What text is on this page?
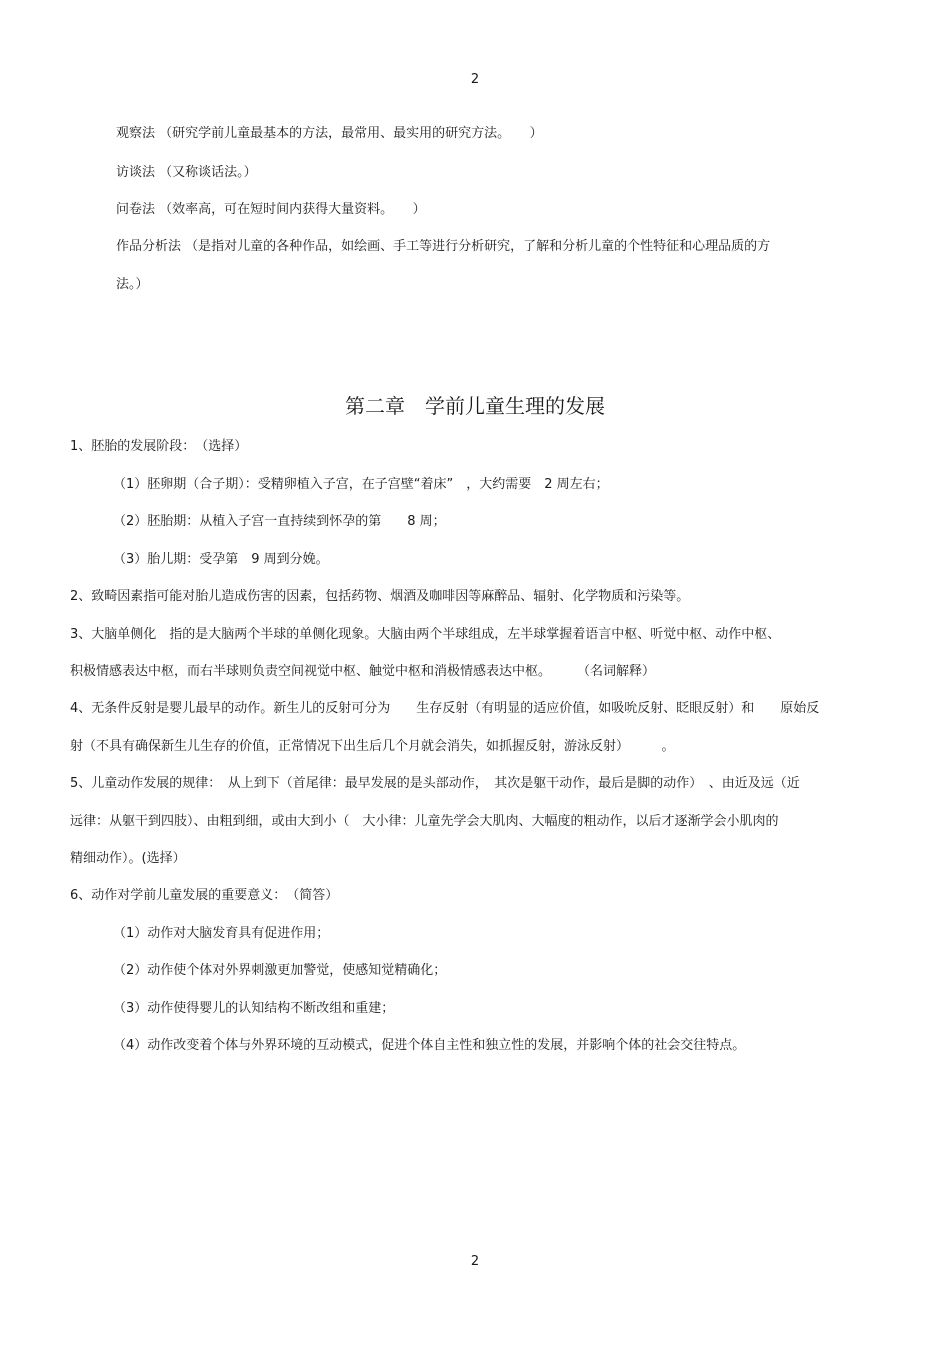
2
观察法 （研究学前儿童最基本的方法，最常用、最实用的研究方法。　　）
访谈法 （又称谈话法。）
问卷法 （效率高，可在短时间内获得大量资料。　　）
作品分析法 （是指对儿童的各种作品，如绘画、手工等进行分析研究，了解和分析儿童的个性特征和心理品质的方
法。）
第二章　学前儿童生理的发展
1、胚胎的发展阶段：　（选择）
（1）胚卵期（合子期）：受精卵植入子宫，在子宫壁“着床”　，大约需要　2 周左右；
（2）胚胎期：从植入子宫一直持续到怀孕的第　　8 周；
（3）胎儿期：受孕第　9 周到分娩。
2、致畸因素指可能对胎儿造成伤害的因素，包括药物、烟酒及咖啡因等麻醉品、辐射、化学物质和污染等。
3、大脑单侧化　指的是大脑两个半球的单侧化现象。大脑由两个半球组成，左半球掌握着语言中枢、听觉中枢、动作中枢、
积极情感表达中枢，而右半球则负责空间视觉中枢、触觉中枢和消极情感表达中枢。　　　（名词解释）
4、无条件反射是婴儿最早的动作。新生儿的反射可分为　　生存反射（有明显的适应价值，如吸吮反射、眨眼反射）和　　原始反
射（不具有确保新生儿生存的价值，正常情况下出生后几个月就会消失，如抓握反射，游泳反射）　　　。
5、儿童动作发展的规律：　从上到下（首尾律：最早发展的是头部动作，　其次是躯干动作，最后是脚的动作）　、由近及远（近
远律：从躯干到四肢）、由粗到细，或由大到小（　大小律：儿童先学会大肌肉、大幅度的粗动作，以后才逐渐学会小肌肉的
精细动作）。(选择）
6、动作对学前儿童发展的重要意义：　（简答）
（1）动作对大脑发育具有促进作用；
（2）动作使个体对外界刺激更加警觉，使感知觉精确化；
（3）动作使得婴儿的认知结构不断改组和重建；
（4）动作改变着个体与外界环境的互动模式，促进个体自主性和独立性的发展，并影响个体的社会交往特点。
2
